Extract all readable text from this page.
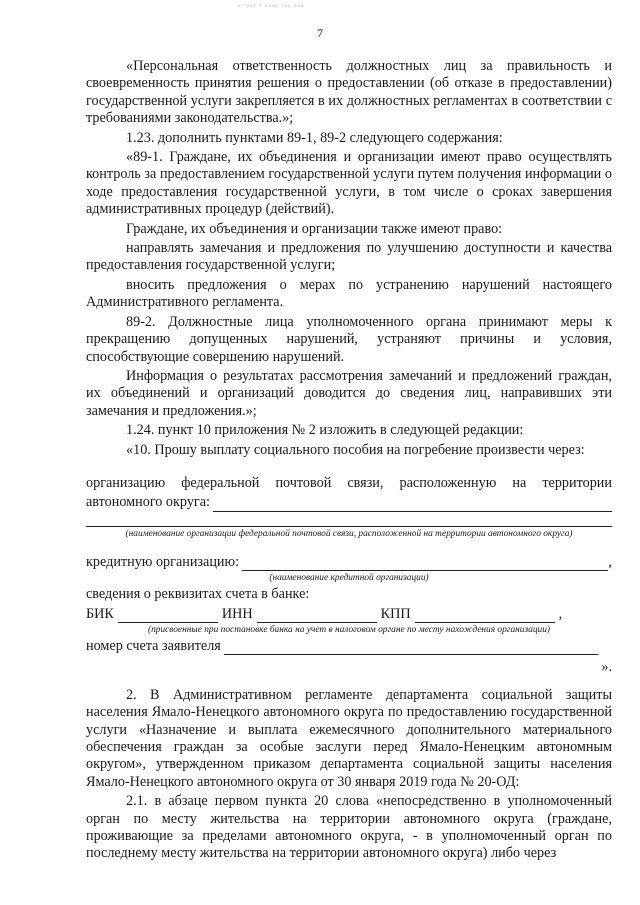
ᵃ⁻ᵖᵃᵈ ᶠ ᵏᵃᵃᵖ ᵃᵃᵃ ᵏᵃᵃ
7

«Персональная ответственность должностных лиц за правильность и своевременность принятия решения о предоставлении (об отказе в предоставлении) государственной услуги закрепляется в их должностных регламентах в соответствии с требованиями законодательства.»;

1.23. дополнить пунктами 89-1, 89-2 следующего содержания:

«89-1. Граждане, их объединения и организации имеют право осуществлять контроль за предоставлением государственной услуги путем получения информации о ходе предоставления государственной услуги, в том числе о сроках завершения административных процедур (действий).

Граждане, их объединения и организации также имеют право:

направлять замечания и предложения по улучшению доступности и качества предоставления государственной услуги;

вносить предложения о мерах по устранению нарушений настоящего Административного регламента.

89-2. Должностные лица уполномоченного органа принимают меры к прекращению допущенных нарушений, устраняют причины и условия, способствующие совершению нарушений.

Информация о результатах рассмотрения замечаний и предложений граждан, их объединений и организаций доводится до сведения лиц, направивших эти замечания и предложения.»;

1.24. пункт 10 приложения № 2 изложить в следующей редакции:

«10. Прошу выплату социального пособия на погребение произвести через:

организацию федеральной почтовой связи, расположенную на территории

автономного округа:
(наименование организации федеральной почтовой связи, расположенной на территории автономного округа)
кредитную организацию:	,
(наименование кредитной организации)

сведения о реквизитах счета в банке:

БИК	ИНН	КПП	,
(присвоенные при постановке банка на учет в налоговом органе по месту нахождения организации)
номер счета заявителя
».

2. В Административном регламенте департамента социальной защиты населения Ямало-Ненецкого автономного округа по предоставлению государственной услуги «Назначение и выплата ежемесячного дополнительного материального обеспечения граждан за особые заслуги перед Ямало-Ненецким автономным округом», утвержденном приказом департамента социальной защиты населения Ямало-Ненецкого автономного округа от 30 января 2019 года № 20-ОД:

2.1. в абзаце первом пункта 20 слова «непосредственно в уполномоченный орган по месту жительства на территории автономного округа (граждане, проживающие за пределами автономного округа, - в уполномоченный орган по последнему месту жительства на территории автономного округа) либо через
